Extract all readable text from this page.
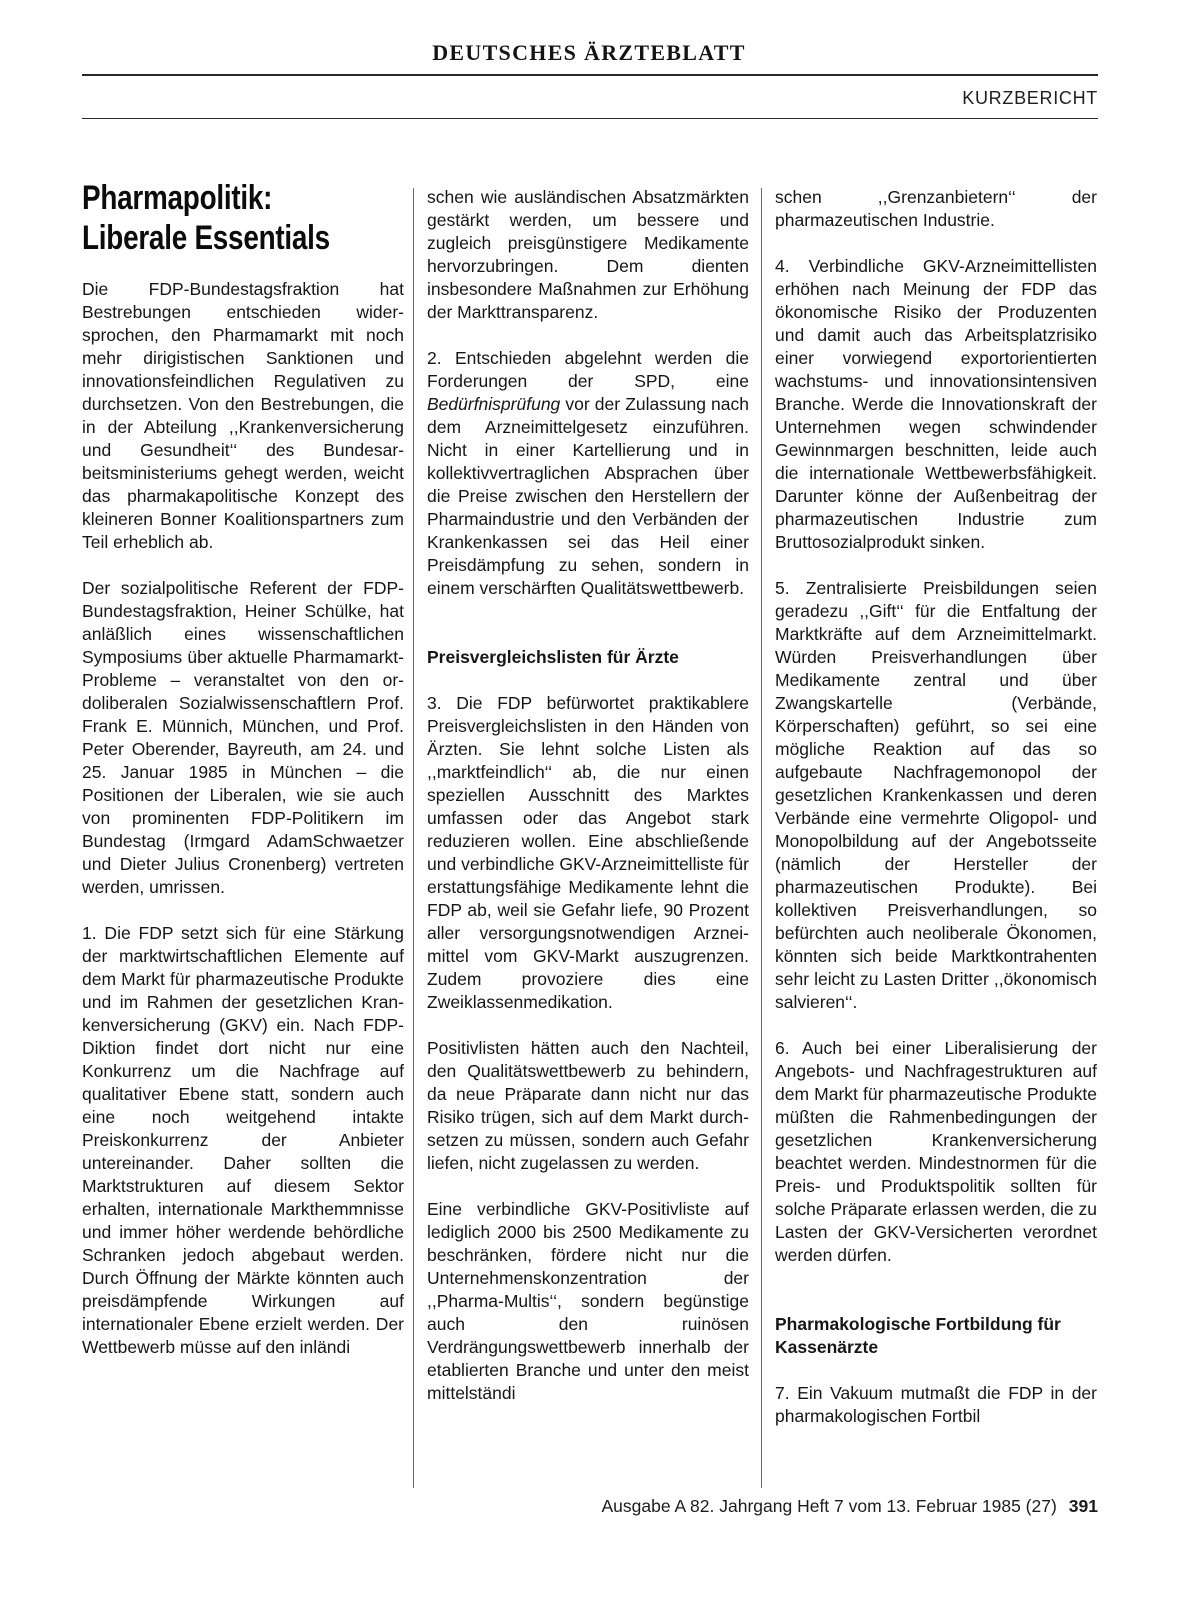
DEUTSCHES ÄRZTEBLATT
KURZBERICHT
Pharmapolitik:
Liberale Essentials

Die FDP-Bundestagsfraktion hat Bestrebungen entschieden widersprochen, den Pharmamarkt mit noch mehr dirigistischen Sanktionen und innovationsfeindlichen Regulativen zu durchsetzen. Von den Bestrebungen, die in der Abteilung ,,Krankenversicherung und Gesundheit‘‘ des Bundesarbeitsministeriums gehegt werden, weicht das pharmakapolitische Konzept des kleineren Bonner Koalitionspartners zum Teil erheblich ab.

Der sozialpolitische Referent der FDP-Bundestagsfraktion, Heiner Schülke, hat anläßlich eines wissenschaftlichen Symposiums über aktuelle Pharmamarkt-Probleme – veranstaltet von den ordoliberalen Sozialwissenschaftlern Prof. Frank E. Münnich, München, und Prof. Peter Oberender, Bayreuth, am 24. und 25. Januar 1985 in München – die Positionen der Liberalen, wie sie auch von prominenten FDP-Politikern im Bundestag (Irmgard AdamSchwaetzer und Dieter Julius Cronenberg) vertreten werden, umrissen.

1. Die FDP setzt sich für eine Stärkung der marktwirtschaftlichen Elemente auf dem Markt für pharmazeutische Produkte und im Rahmen der gesetzlichen Krankenversicherung (GKV) ein. Nach FDP-Diktion findet dort nicht nur eine Konkurrenz um die Nachfrage auf qualitativer Ebene statt, sondern auch eine noch weitgehend intakte Preiskonkurrenz der Anbieter untereinander. Daher sollten die Marktstrukturen auf diesem Sektor erhalten, internationale Markthemmnisse und immer höher werdende behördliche Schranken jedoch abgebaut werden. Durch Öffnung der Märkte könnten auch preisdämpfende Wirkungen auf internationaler Ebene erzielt werden. Der Wettbewerb müsse auf den inländi

schen wie ausländischen Absatzmärkten gestärkt werden, um bessere und zugleich preisgünstigere Medikamente hervorzubringen. Dem dienten insbesondere Maßnahmen zur Erhöhung der Markttransparenz.

2. Entschieden abgelehnt werden die Forderungen der SPD, eine Bedürfnisprüfung vor der Zulassung nach dem Arzneimittelgesetz einzuführen. Nicht in einer Kartellierung und in kollektivvertraglichen Absprachen über die Preise zwischen den Herstellern der Pharmaindustrie und den Verbänden der Krankenkassen sei das Heil einer Preisdämpfung zu sehen, sondern in einem verschärften Qualitätswettbewerb.

Preisvergleichslisten für Ärzte

3. Die FDP befürwortet praktikablere Preisvergleichslisten in den Händen von Ärzten. Sie lehnt solche Listen als ,,marktfeindlich‘‘ ab, die nur einen speziellen Ausschnitt des Marktes umfassen oder das Angebot stark reduzieren wollen. Eine abschließende und verbindliche GKV-Arzneimittelliste für erstattungsfähige Medikamente lehnt die FDP ab, weil sie Gefahr liefe, 90 Prozent aller versorgungsnotwendigen Arzneimittel vom GKV-Markt auszugrenzen. Zudem provoziere dies eine Zweiklassenmedikation.

Positivlisten hätten auch den Nachteil, den Qualitätswettbewerb zu behindern, da neue Präparate dann nicht nur das Risiko trügen, sich auf dem Markt durchsetzen zu müssen, sondern auch Gefahr liefen, nicht zugelassen zu werden.

Eine verbindliche GKV-Positivliste auf lediglich 2000 bis 2500 Medikamente zu beschränken, fördere nicht nur die Unternehmenskonzentration der ,,Pharma-Multis‘‘, sondern begünstige auch den ruinösen Verdrängungswettbewerb innerhalb der etablierten Branche und unter den meist mittelständi

schen ,,Grenzanbietern‘‘ der pharmazeutischen Industrie.

4. Verbindliche GKV-Arzneimittellisten erhöhen nach Meinung der FDP das ökonomische Risiko der Produzenten und damit auch das Arbeitsplatzrisiko einer vorwiegend exportorientierten wachstums- und innovationsintensiven Branche. Werde die Innovationskraft der Unternehmen wegen schwindender Gewinnmargen beschnitten, leide auch die internationale Wettbewerbsfähigkeit. Darunter könne der Außenbeitrag der pharmazeutischen Industrie zum Bruttosozialprodukt sinken.

5. Zentralisierte Preisbildungen seien geradezu ,,Gift‘‘ für die Entfaltung der Marktkräfte auf dem Arzneimittelmarkt. Würden Preisverhandlungen über Medikamente zentral und über Zwangskartelle (Verbände, Körperschaften) geführt, so sei eine mögliche Reaktion auf das so aufgebaute Nachfragemonopol der gesetzlichen Krankenkassen und deren Verbände eine vermehrte Oligopol- und Monopolbildung auf der Angebotsseite (nämlich der Hersteller der pharmazeutischen Produkte). Bei kollektiven Preisverhandlungen, so befürchten auch neoliberale Ökonomen, könnten sich beide Marktkontrahenten sehr leicht zu Lasten Dritter ,,ökonomisch salvieren‘‘.

6. Auch bei einer Liberalisierung der Angebots- und Nachfragestrukturen auf dem Markt für pharmazeutische Produkte müßten die Rahmenbedingungen der gesetzlichen Krankenversicherung beachtet werden. Mindestnormen für die Preis- und Produktspolitik sollten für solche Präparate erlassen werden, die zu Lasten der GKV-Versicherten verordnet werden dürfen.

Pharmakologische Fortbildung für Kassenärzte

7. Ein Vakuum mutmaßt die FDP in der pharmakologischen Fortbil

Ausgabe A 82. Jahrgang Heft 7 vom 13. Februar 1985 (27) 391
